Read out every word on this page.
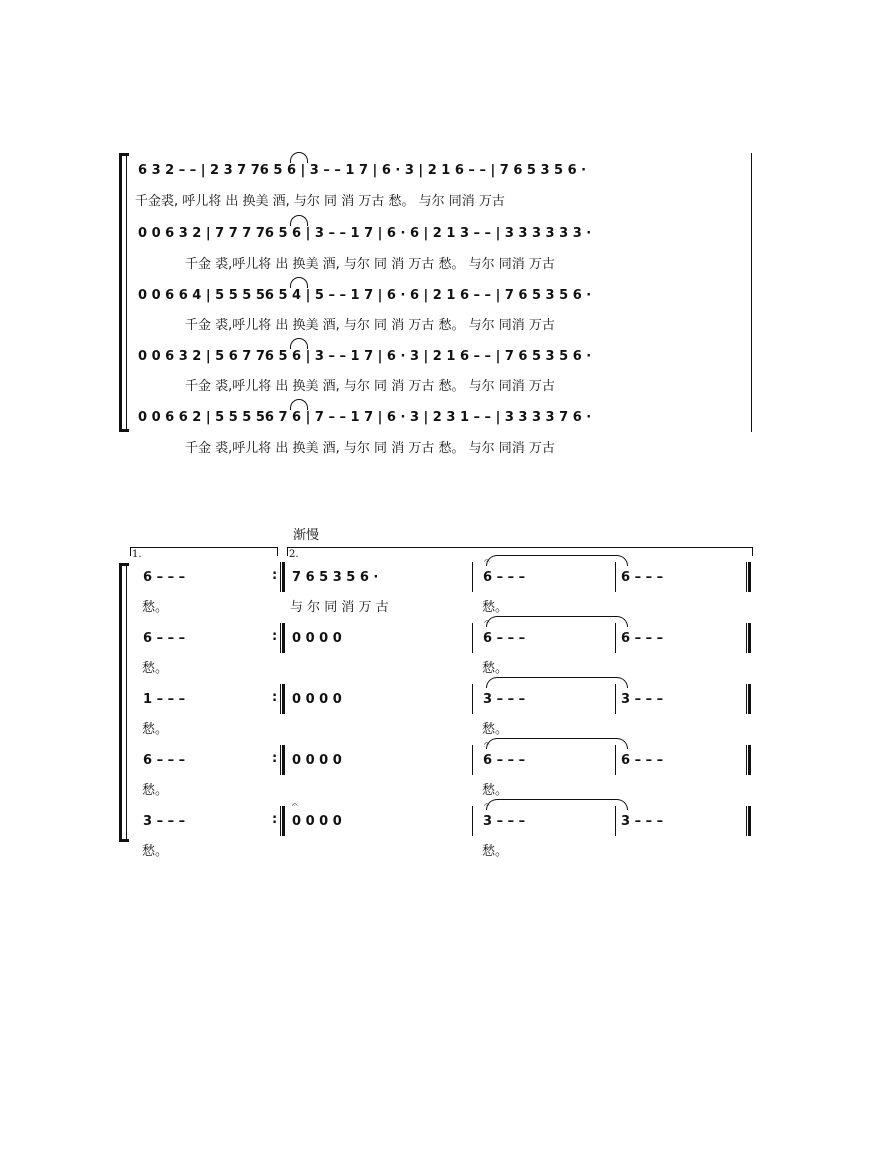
6 3 2 – – | 2 3 7 76 5 6 | 3 – – 1 7 | 6 · 3 | 2 1 6 – – | 7 6 5 3 5 6 ·
千金裘, 呼儿将 出 换美 酒, 与尔 同 消 万古 愁。 与尔 同消 万古
0 0 6 3 2 | 7 7 7 76 5 6 | 3 – – 1 7 | 6 · 6 | 2 1 3 – – | 3 3 3 3 3 3 ·
千金 裘,呼儿将 出 换美 酒, 与尔 同 消 万古 愁。 与尔 同消 万古
0 0 6 6 4 | 5 5 5 56 5 4 | 5 – – 1 7 | 6 · 6 | 2 1 6 – – | 7 6 5 3 5 6 ·
千金 裘,呼儿将 出 换美 酒, 与尔 同 消 万古 愁。 与尔 同消 万古
0 0 6 3 2 | 5 6 7 76 5 6 | 3 – – 1 7 | 6 · 3 | 2 1 6 – – | 7 6 5 3 5 6 ·
千金 裘,呼儿将 出 换美 酒, 与尔 同 消 万古 愁。 与尔 同消 万古
0 0 6 6 2 | 5 5 5 56 7 6 | 7 – – 1 7 | 6 · 3 | 2 3 1 – – | 3 3 3 3 7 6 ·
千金 裘,呼儿将 出 换美 酒, 与尔 同 消 万古 愁。 与尔 同消 万古
渐慢
1.	2.
6 – – –	: 7 6 5 3 5 6 ·	6 – – –	6 – – –
𝄐
愁。	与 尔 同 消 万 古	愁。
6 – – –	: 0 0 0 0	6 – – –	6 – – –
𝄐
愁。	愁。
1 – – –	: 0 0 0 0	3 – – –	3 – – –
愁。	愁。
6 – – –	: 0 0 0 0	6 – – –	6 – – –
𝄐
愁。	愁。
3 – – –	:
𝄐
0 0 0 0	3 – – –	3 – – –
𝄐
愁。	愁。
